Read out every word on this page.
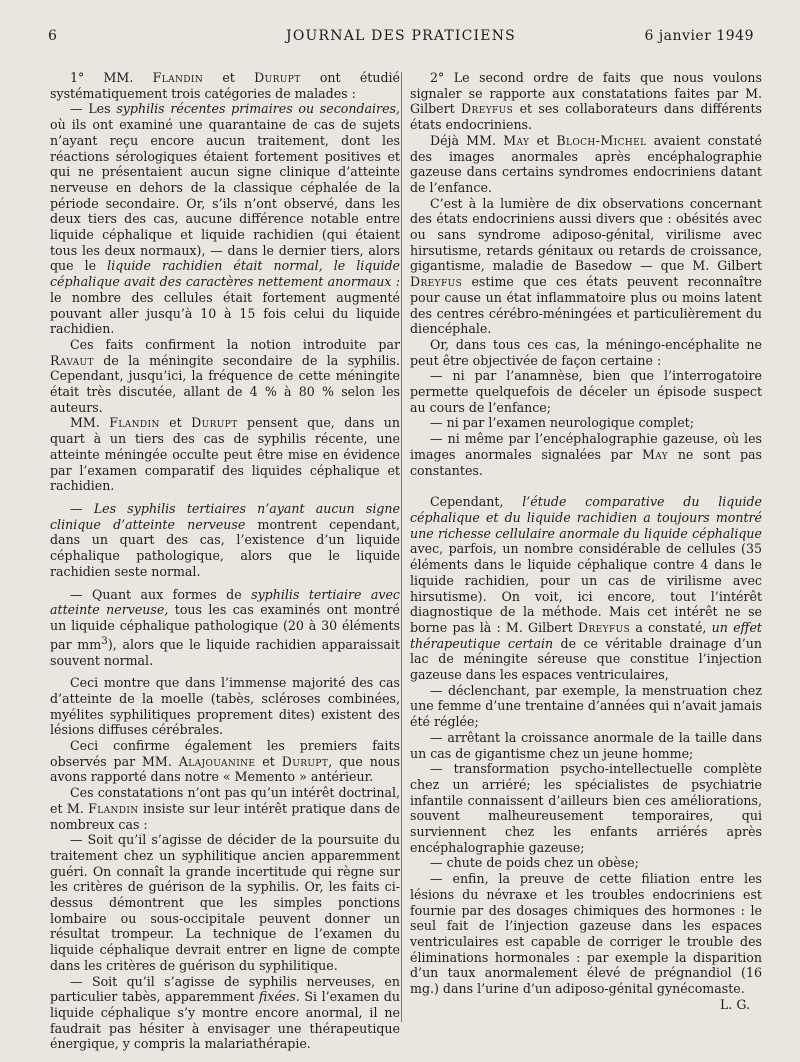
6	JOURNAL DES PRATICIENS	6 janvier 1949

1° MM. Flandin et Durupt ont étudié systématiquement trois catégories de malades :

— Les syphilis récentes primaires ou secondaires, où ils ont examiné une quarantaine de cas de sujets n’ayant reçu encore aucun traitement, dont les réactions sérologiques étaient fortement positives et qui ne présentaient aucun signe clinique d’atteinte nerveuse en dehors de la classique céphalée de la période secondaire. Or, s’ils n’ont observé, dans les deux tiers des cas, aucune différence notable entre liquide céphalique et liquide rachidien (qui étaient tous les deux normaux), — dans le dernier tiers, alors que le liquide rachidien était normal, le liquide céphalique avait des caractères nettement anormaux : le nombre des cellules était fortement augmenté pouvant aller jusqu’à 10 à 15 fois celui du liquide rachidien.

Ces faits confirment la notion introduite par Ravaut de la méningite secondaire de la syphilis. Cependant, jusqu’ici, la fréquence de cette méningite était très discutée, allant de 4 % à 80 % selon les auteurs.

MM. Flandin et Durupt pensent que, dans un quart à un tiers des cas de syphilis récente, une atteinte méningée occulte peut être mise en évidence par l’examen comparatif des liquides céphalique et rachidien.

— Les syphilis tertiaires n’ayant aucun signe clinique d’atteinte nerveuse montrent cependant, dans un quart des cas, l’existence d’un liquide céphalique pathologique, alors que le liquide rachidien seste normal.

— Quant aux formes de syphilis tertiaire avec atteinte nerveuse, tous les cas examinés ont montré un liquide céphalique pathologique (20 à 30 éléments par $mm^3$), alors que le liquide rachidien apparaissait souvent normal.

Ceci montre que dans l’immense majorité des cas d’atteinte de la moelle (tabès, scléroses combinées, myélites syphilitiques proprement dites) existent des lésions diffuses cérébrales.

Ceci confirme également les premiers faits observés par MM. Alajouanine et Durupt, que nous avons rapporté dans notre « Memento » antérieur.

Ces constatations n’ont pas qu’un intérêt doctrinal, et M. Flandin insiste sur leur intérêt pratique dans de nombreux cas :

— Soit qu’il s’agisse de décider de la poursuite du traitement chez un syphilitique ancien apparemment guéri. On connaît la grande incertitude qui règne sur les critères de guérison de la syphilis. Or, les faits ci-dessus démontrent que les simples ponctions lombaire ou sous-occipitale peuvent donner un résultat trompeur. La technique de l’examen du liquide céphalique devrait entrer en ligne de compte dans les critères de guérison du syphilitique.

— Soit qu’il s’agisse de syphilis nerveuses, en particulier tabès, apparemment fixées. Si l’examen du liquide céphalique s’y montre encore anormal, il ne faudrait pas hésiter à envisager une thérapeutique énergique, y compris la malariathérapie.

2° Le second ordre de faits que nous voulons signaler se rapporte aux constatations faites par M. Gilbert Dreyfus et ses collaborateurs dans différents états endocriniens.

Déjà MM. May et Bloch-Michel avaient constaté des images anormales après encéphalographie gazeuse dans certains syndromes endocriniens datant de l’enfance.

C’est à la lumière de dix observations concernant des états endocriniens aussi divers que : obésités avec ou sans syndrome adiposo-génital, virilisme avec hirsutisme, retards génitaux ou retards de croissance, gigantisme, maladie de Basedow — que M. Gilbert Dreyfus estime que ces états peuvent reconnaître pour cause un état inflammatoire plus ou moins latent des centres cérébro-méningées et particulièrement du diencéphale.

Or, dans tous ces cas, la méningo-encéphalite ne peut être objectivée de façon certaine :

— ni par l’anamnèse, bien que l’interrogatoire permette quelquefois de déceler un épisode suspect au cours de l’enfance;

— ni par l’examen neurologique complet;

— ni même par l’encéphalographie gazeuse, où les images anormales signalées par May ne sont pas constantes.

Cependant, l’étude comparative du liquide céphalique et du liquide rachidien a toujours montré une richesse cellulaire anormale du liquide céphalique avec, parfois, un nombre considérable de cellules (35 éléments dans le liquide céphalique contre 4 dans le liquide rachidien, pour un cas de virilisme avec hirsutisme). On voit, ici encore, tout l’intérêt diagnostique de la méthode. Mais cet intérêt ne se borne pas là : M. Gilbert Dreyfus a constaté, un effet thérapeutique certain de ce véritable drainage d’un lac de méningite séreuse que constitue l’injection gazeuse dans les espaces ventriculaires,

— déclenchant, par exemple, la menstruation chez une femme d’une trentaine d’années qui n’avait jamais été réglée;

— arrêtant la croissance anormale de la taille dans un cas de gigantisme chez un jeune homme;

— transformation psycho-intellectuelle complète chez un arriéré; les spécialistes de psychiatrie infantile connaissent d’ailleurs bien ces améliorations, souvent malheureusement temporaires, qui surviennent chez les enfants arriérés après encéphalographie gazeuse;

— chute de poids chez un obèse;

— enfin, la preuve de cette filiation entre les lésions du névraxe et les troubles endocriniens est fournie par des dosages chimiques des hormones : le seul fait de l’injection gazeuse dans les espaces ventriculaires est capable de corriger le trouble des éliminations hormonales : par exemple la disparition d’un taux anormalement élevé de prégnandiol (16 mg.) dans l’urine d’un adiposo-génital gynécomaste.

L. G.
